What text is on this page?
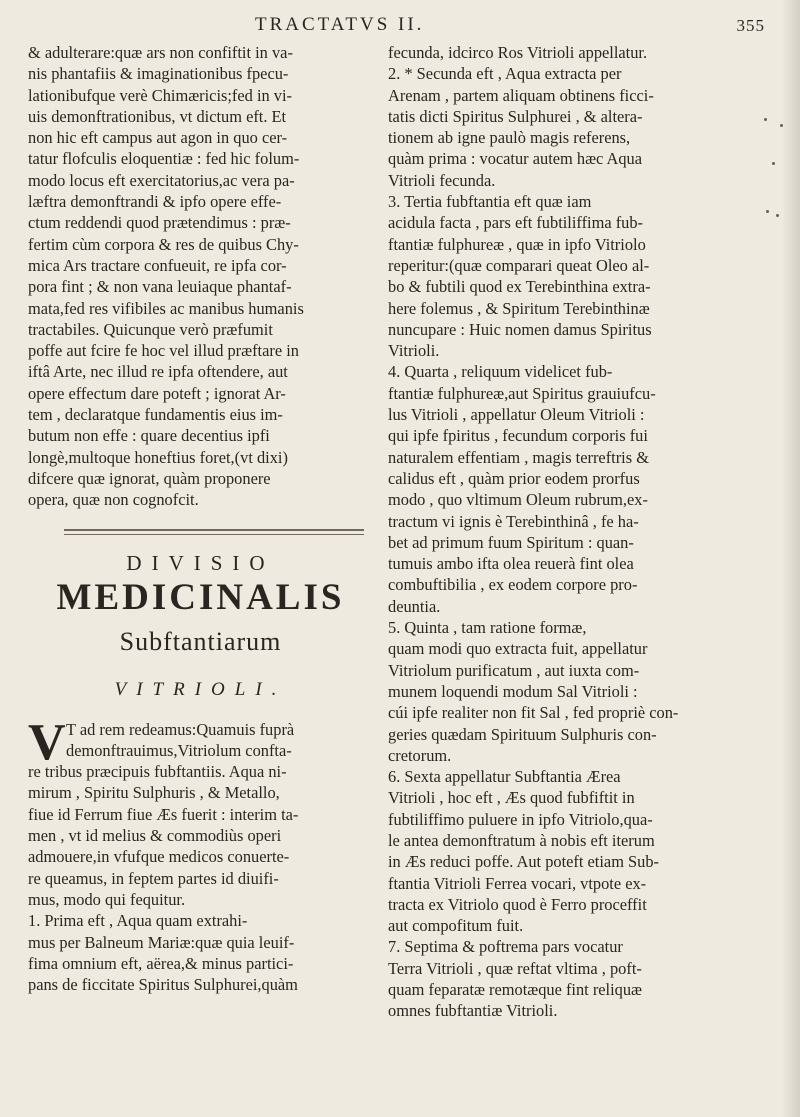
TRACTATVS II.	355
& adulterare:quæ ars non confiftit in va-
nis phantafiis & imaginationibus fpecu-
lationibufque verè Chimæricis;fed in vi-
uis demonftrationibus, vt dictum eft. Et
non hic eft campus aut agon in quo cer-
tatur flofculis eloquentiæ : fed hic folum-
modo locus eft exercitatorius,ac vera pa-
læftra demonftrandi & ipfo opere effe-
ctum reddendi quod prætendimus : præ-
fertim cùm corpora & res de quibus Chy-
mica Ars tractare confueuit, re ipfa cor-
pora fint ; & non vana leuiaque phantaf-
mata,fed res vifibiles ac manibus humanis
tractabiles. Quicunque verò præfumit
poffe aut fcire fe hoc vel illud præftare in
iftâ Arte, nec illud re ipfa oftendere, aut
opere effectum dare poteft ; ignorat Ar-
tem , declaratque fundamentis eius im-
butum non effe : quare decentius ipfi
longè,multoque honeftius foret,(vt dixi)
difcere quæ ignorat, quàm proponere
opera, quæ non cognofcit.
DIVISIO
MEDICINALIS
Subftantiarum
VITRIOLI.
V T ad rem redeamus:Quamuis fuprà
demonftrauimus,Vitriolum confta-
re tribus præcipuis fubftantiis. Aqua ni-
mirum , Spiritu Sulphuris , & Metallo,
fiue id Ferrum fiue Æs fuerit : interim ta-
men , vt id melius & commodiùs operi
admouere,in vfufque medicos conuerte-
re queamus, in feptem partes id diuifi-
mus, modo qui fequitur.
1. Prima eft , Aqua quam extrahi-
mus per Balneum Mariæ:quæ quia leuif-
fima omnium eft, aërea,& minus partici-
pans de ficcitate Spiritus Sulphurei,quàm
fecunda, idcirco Ros Vitrioli appellatur.
2. * Secunda eft , Aqua extracta per
Arenam , partem aliquam obtinens ficci-
tatis dicti Spiritus Sulphurei , & altera-
tionem ab igne paulò magis referens,
quàm prima : vocatur autem hæc Aqua
Vitrioli fecunda.
3. Tertia fubftantia eft quæ iam
acidula facta , pars eft fubtiliffima fub-
ftantiæ fulphureæ , quæ in ipfo Vitriolo
reperitur:(quæ comparari queat Oleo al-
bo & fubtili quod ex Terebinthina extra-
here folemus , & Spiritum Terebinthinæ
nuncupare : Huic nomen damus Spiritus
Vitrioli.
4. Quarta , reliquum videlicet fub-
ftantiæ fulphureæ,aut Spiritus grauiufcu-
lus Vitrioli , appellatur Oleum Vitrioli :
qui ipfe fpiritus , fecundum corporis fui
naturalem effentiam , magis terreftris &
calidus eft , quàm prior eodem prorfus
modo , quo vltimum Oleum rubrum,ex-
tractum vi ignis è Terebinthinâ , fe ha-
bet ad primum fuum Spiritum : quan-
tumuis ambo ifta olea reuerà fint olea
combuftibilia , ex eodem corpore pro-
deuntia.
5. Quinta , tam ratione formæ,
quam modi quo extracta fuit, appellatur
Vitriolum purificatum , aut iuxta com-
munem loquendi modum Sal Vitrioli :
cúi ipfe realiter non fit Sal , fed propriè con-
geries quædam Spirituum Sulphuris con-
cretorum.
6. Sexta appellatur Subftantia Ærea
Vitrioli , hoc eft , Æs quod fubfiftit in
fubtiliffimo puluere in ipfo Vitriolo,qua-
le antea demonftratum à nobis eft iterum
in Æs reduci poffe. Aut poteft etiam Sub-
ftantia Vitrioli Ferrea vocari, vtpote ex-
tracta ex Vitriolo quod è Ferro proceffit
aut compofitum fuit.
7. Septima & poftrema pars vocatur
Terra Vitrioli , quæ reftat vltima , poft-
quam feparatæ remotæque fint reliquæ
omnes fubftantiæ Vitrioli.
